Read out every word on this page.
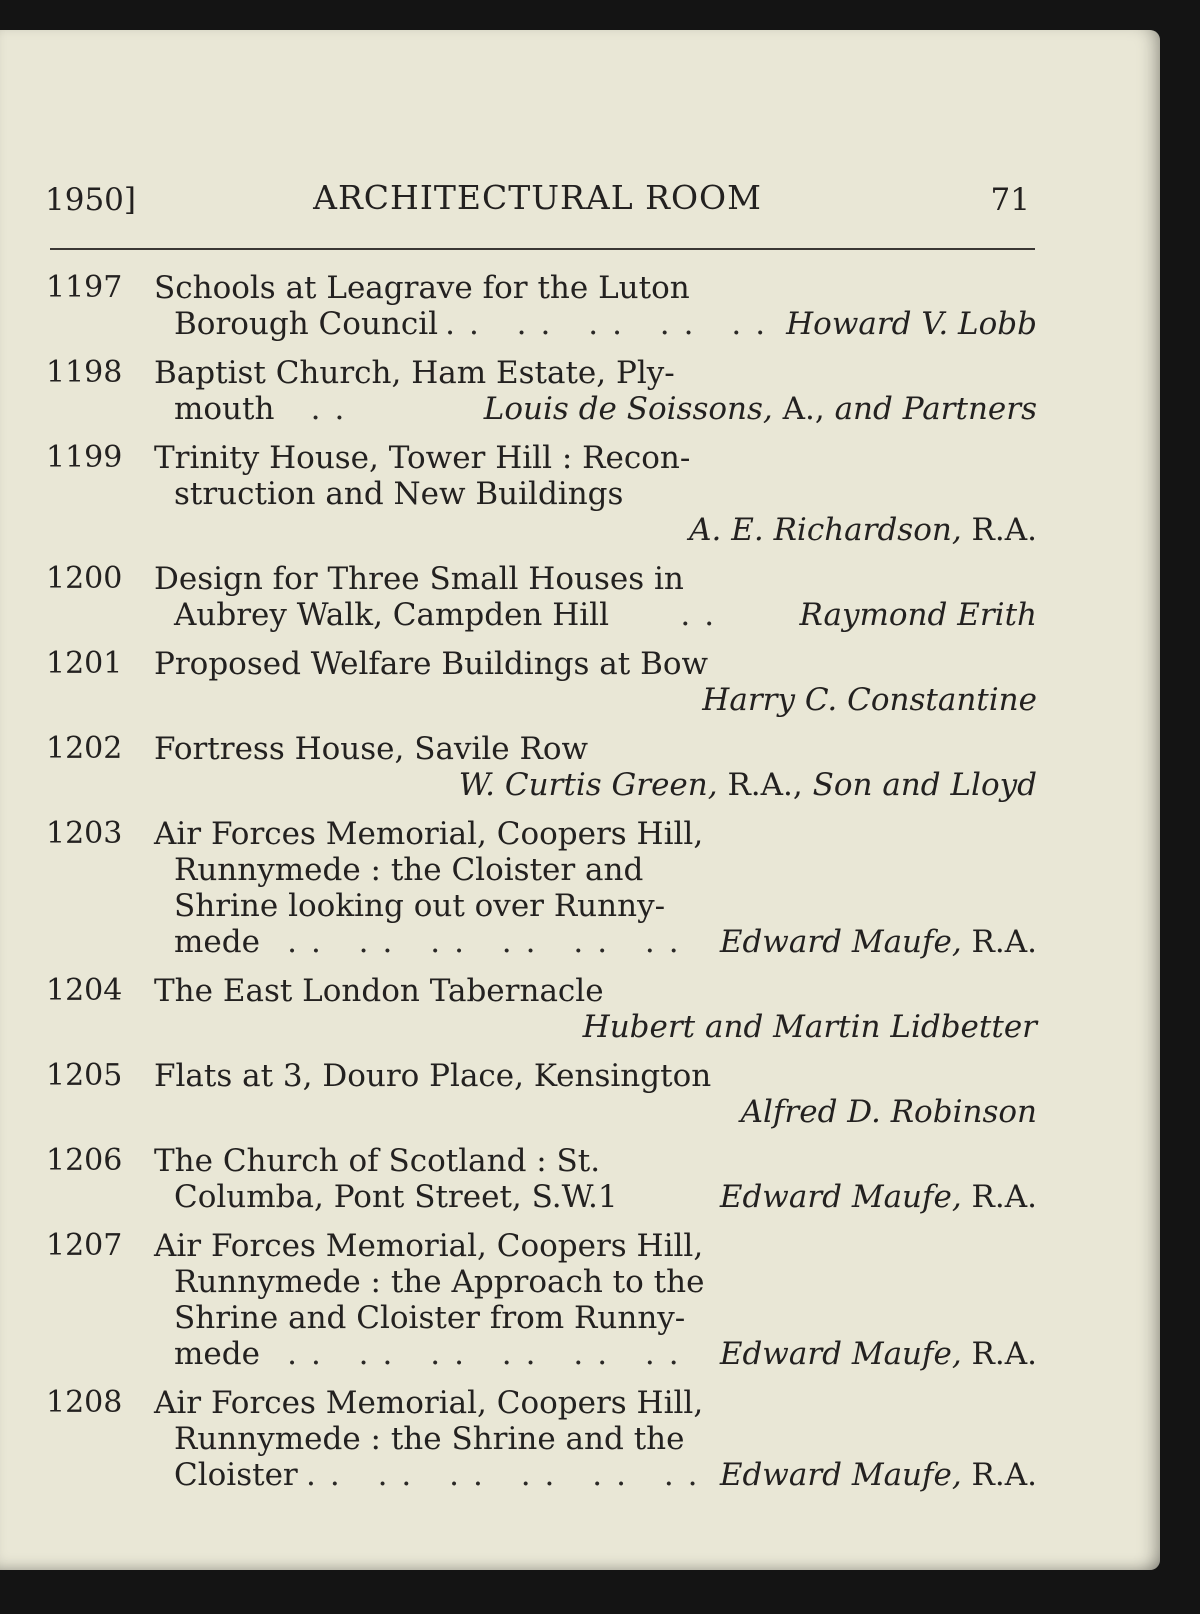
1950]	ARCHITECTURAL ROOM	71
1197	Schools at Leagrave for the Luton
Borough Council .. .. .. .. .. Howard V. Lobb
1198	Baptist Church, Ham Estate, Ply-
mouth	..	Louis de Soissons, A., and Partners
1199	Trinity House, Tower Hill : Recon-
struction and New Buildings
A. E. Richardson, R.A.
1200	Design for Three Small Houses in
Aubrey Walk, Campden Hill	..	Raymond Erith
1201	Proposed Welfare Buildings at Bow
Harry C. Constantine
1202	Fortress House, Savile Row
W. Curtis Green, R.A., Son and Lloyd
1203	Air Forces Memorial, Coopers Hill,
Runnymede : the Cloister and
Shrine looking out over Runny-
mede .. .. .. .. .. .. Edward Maufe, R.A.
1204	The East London Tabernacle
Hubert and Martin Lidbetter
1205	Flats at 3, Douro Place, Kensington
Alfred D. Robinson
1206	The Church of Scotland : St.
Columba, Pont Street, S.W.1	Edward Maufe, R.A.
1207	Air Forces Memorial, Coopers Hill,
Runnymede : the Approach to the
Shrine and Cloister from Runny-
mede .. .. .. .. .. .. Edward Maufe, R.A.
1208	Air Forces Memorial, Coopers Hill,
Runnymede : the Shrine and the
Cloister .. .. .. .. .. .. Edward Maufe, R.A.
